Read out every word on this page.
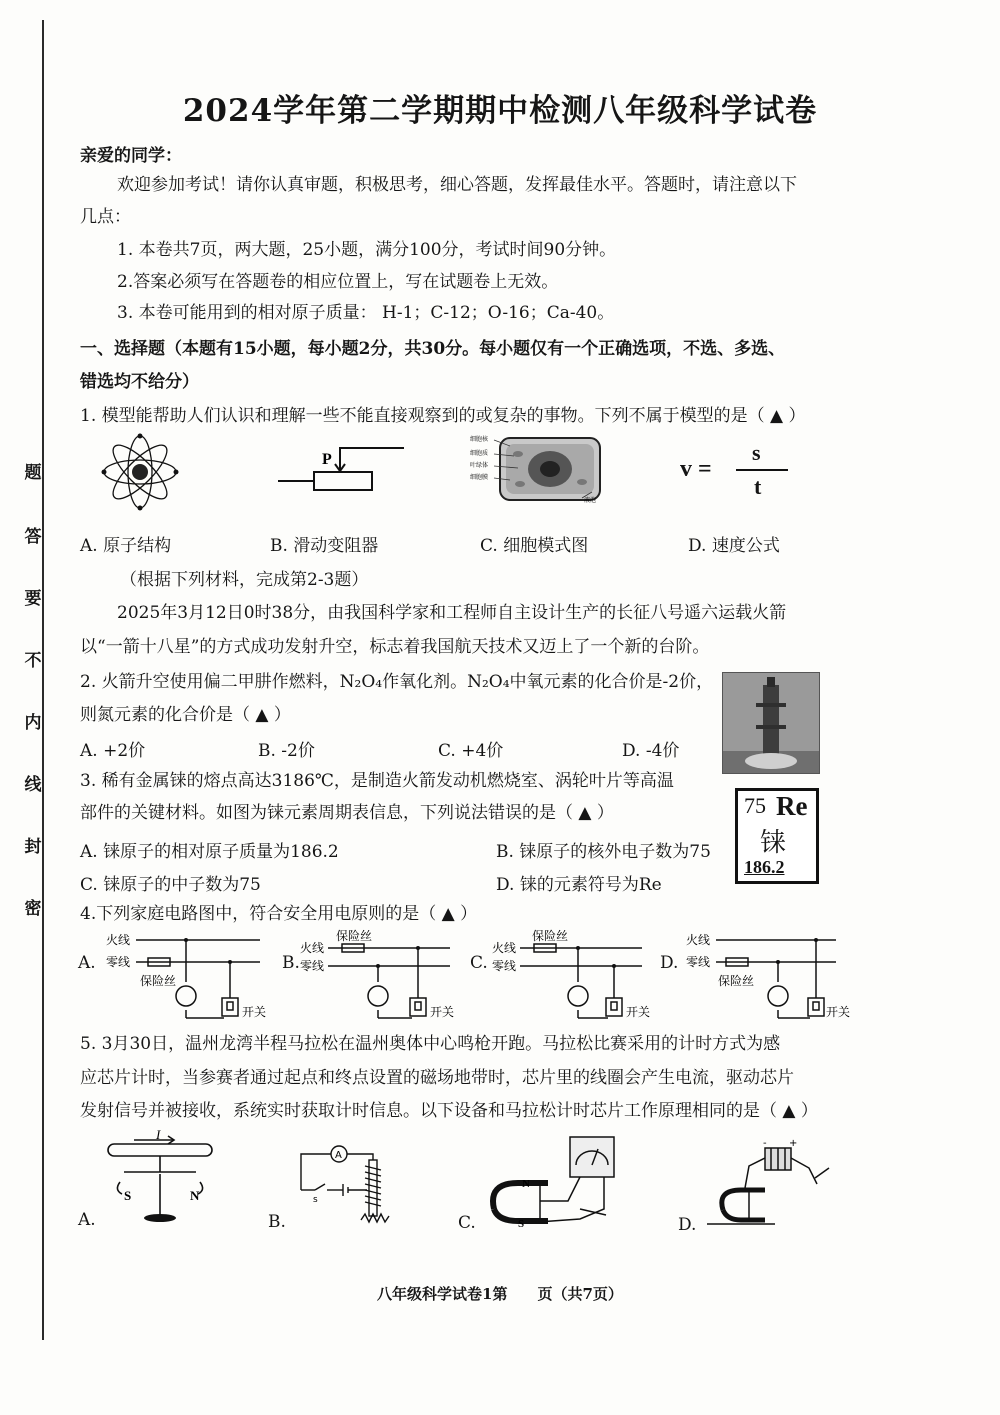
题
答
要
不
内
线
封
密
2024学年第二学期期中检测八年级科学试卷
亲爱的同学：
欢迎参加考试！请你认真审题，积极思考，细心答题，发挥最佳水平。答题时，请注意以下
几点：
1. 本卷共7页，两大题，25小题，满分100分，考试时间90分钟。
2.答案必须写在答题卷的相应位置上，写在试题卷上无效。
3. 本卷可能用到的相对原子质量： H-1；C-12；O-16；Ca-40。
一、选择题（本题有15小题，每小题2分，共30分。每小题仅有一个正确选项，不选、多选、
错选均不给分）
1. 模型能帮助人们认识和理解一些不能直接观察到的或复杂的事物。下列不属于模型的是（ ▲ ）
P
细胞核
细胞质
叶绿体
细胞膜
液泡
v =
s
t
A. 原子结构	B. 滑动变阻器	C. 细胞模式图	D. 速度公式
（根据下列材料，完成第2-3题）
2025年3月12日0时38分，由我国科学家和工程师自主设计生产的长征八号遥六运载火箭
以“一箭十八星”的方式成功发射升空，标志着我国航天技术又迈上了一个新的台阶。
2. 火箭升空使用偏二甲肼作燃料，N₂O₄作氧化剂。N₂O₄中氧元素的化合价是-2价，
则氮元素的化合价是（ ▲ ）
A. +2价	B. -2价	C. +4价	D. -4价
3. 稀有金属铼的熔点高达3186℃，是制造火箭发动机燃烧室、涡轮叶片等高温
部件的关键材料。如图为铼元素周期表信息，下列说法错误的是（ ▲ ）
A. 铼原子的相对原子质量为186.2	B. 铼原子的核外电子数为75
C. 铼原子的中子数为75	D. 铼的元素符号为Re
75 Re
铼
186.2
4.下列家庭电路图中，符合安全用电原则的是（ ▲ ）
A.
火线
零线
保险丝
开关
B.
火线
零线
保险丝
开关
C.
火线
零线
保险丝
开关
D.
火线
零线
保险丝
开关
5. 3月30日，温州龙湾半程马拉松在温州奥体中心鸣枪开跑。马拉松比赛采用的计时方式为感
应芯片计时，当参赛者通过起点和终点设置的磁场地带时，芯片里的线圈会产生电流，驱动芯片
发射信号并被接收，系统实时获取计时信息。以下设备和马拉松计时芯片工作原理相同的是（ ▲ ）
A.
I
S	N
B.
A
s
C.
N
S	D.
- +
八年级科学试卷1第　　页（共7页）
